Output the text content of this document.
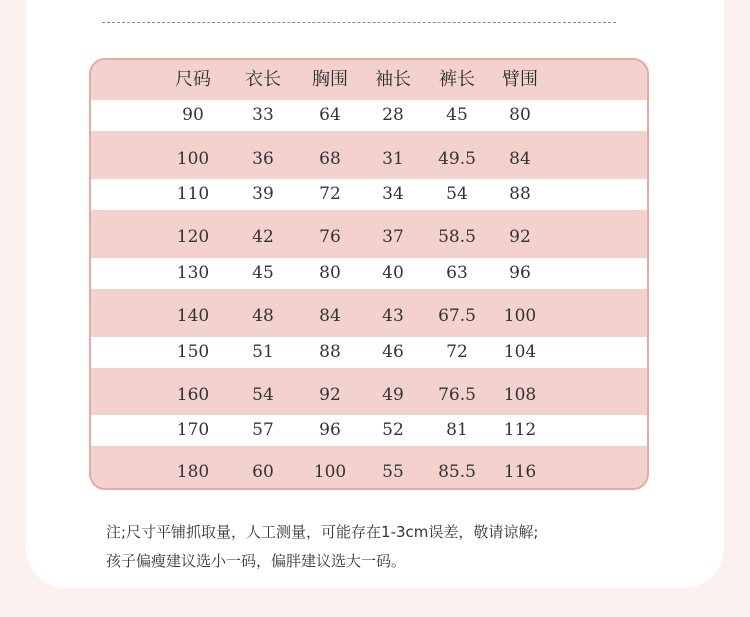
尺码	衣长	胸围	袖长	裤长	臂围
90	33	64	28	45	80
100	36	68	31	49.5	84
110	39	72	34	54	88
120	42	76	37	58.5	92
130	45	80	40	63	96
140	48	84	43	67.5	100
150	51	88	46	72	104
160	54	92	49	76.5	108
170	57	96	52	81	112
180	60	100	55	85.5	116
注;尺寸平铺抓取量，人工测量，可能存在1-3cm误差，敬请谅解;
孩子偏瘦建议选小一码，偏胖建议选大一码。
